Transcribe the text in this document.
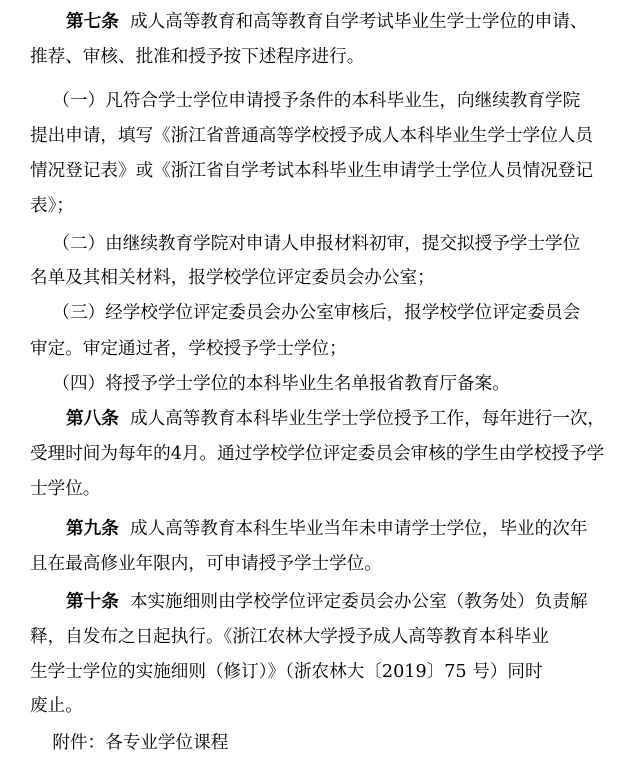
第七条  成人高等教育和高等教育自学考试毕业生学士学位的申请、
推荐、审核、批准和授予按下述程序进行。
（一）凡符合学士学位申请授予条件的本科毕业生，向继续教育学院
提出申请，填写《浙江省普通高等学校授予成人本科毕业生学士学位人员
情况登记表》或《浙江省自学考试本科毕业生申请学士学位人员情况登记
表》；
（二）由继续教育学院对申请人申报材料初审，提交拟授予学士学位
名单及其相关材料，报学校学位评定委员会办公室；
（三）经学校学位评定委员会办公室审核后，报学校学位评定委员会
审定。审定通过者，学校授予学士学位；
（四）将授予学士学位的本科毕业生名单报省教育厅备案。
第八条  成人高等教育本科毕业生学士学位授予工作，每年进行一次，
受理时间为每年的4月。通过学校学位评定委员会审核的学生由学校授予学
士学位。
第九条  成人高等教育本科生毕业当年未申请学士学位，毕业的次年
且在最高修业年限内，可申请授予学士学位。
第十条  本实施细则由学校学位评定委员会办公室（教务处）负责解
释，自发布之日起执行。《浙江农林大学授予成人高等教育本科毕业
生学士学位的实施细则（修订）》（浙农林大〔2019〕75 号）同时
废止。
附件：各专业学位课程
